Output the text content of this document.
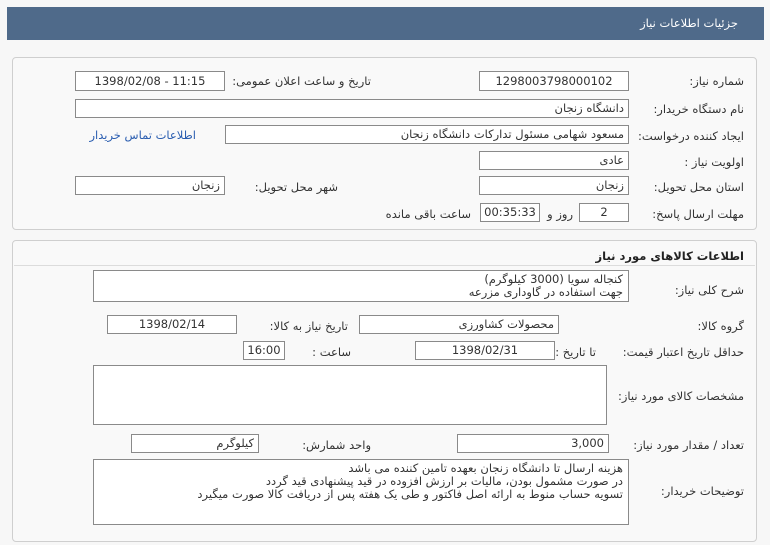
جزئیات اطلاعات نیاز
شماره نیاز:
1298003798000102
تاریخ و ساعت اعلان عمومی:
1398/02/08 - 11:15
نام دستگاه خریدار:
دانشگاه زنجان
ایجاد کننده درخواست:
مسعود شهامی مسئول تدارکات دانشگاه زنجان
اطلاعات تماس خریدار
اولویت نیاز :
عادی
استان محل تحویل:
زنجان
شهر محل تحویل:
زنجان
مهلت ارسال پاسخ:
2
روز و
00:35:33
ساعت باقی مانده
اطلاعات کالاهای مورد نیاز
شرح کلی نیاز:
کنجاله سویا (3000 کیلوگرم)
جهت استفاده در گاوداری مزرعه
گروه کالا:
محصولات کشاورزی
تاریخ نیاز به کالا:
1398/02/14
حداقل تاریخ اعتبار قیمت:
تا تاریخ :
1398/02/31
ساعت :
16:00
مشخصات کالای مورد نیاز:
تعداد / مقدار مورد نیاز:
3,000
واحد شمارش:
کیلوگرم
توضیحات خریدار:
هزینه ارسال تا دانشگاه زنجان بعهده تامین کننده می باشد
در صورت مشمول بودن، مالیات بر ارزش افزوده در قید پیشنهادی قید گردد
تسویه حساب منوط به ارائه اصل فاکتور و طی یک هفته پس از دریافت کالا صورت میگیرد
